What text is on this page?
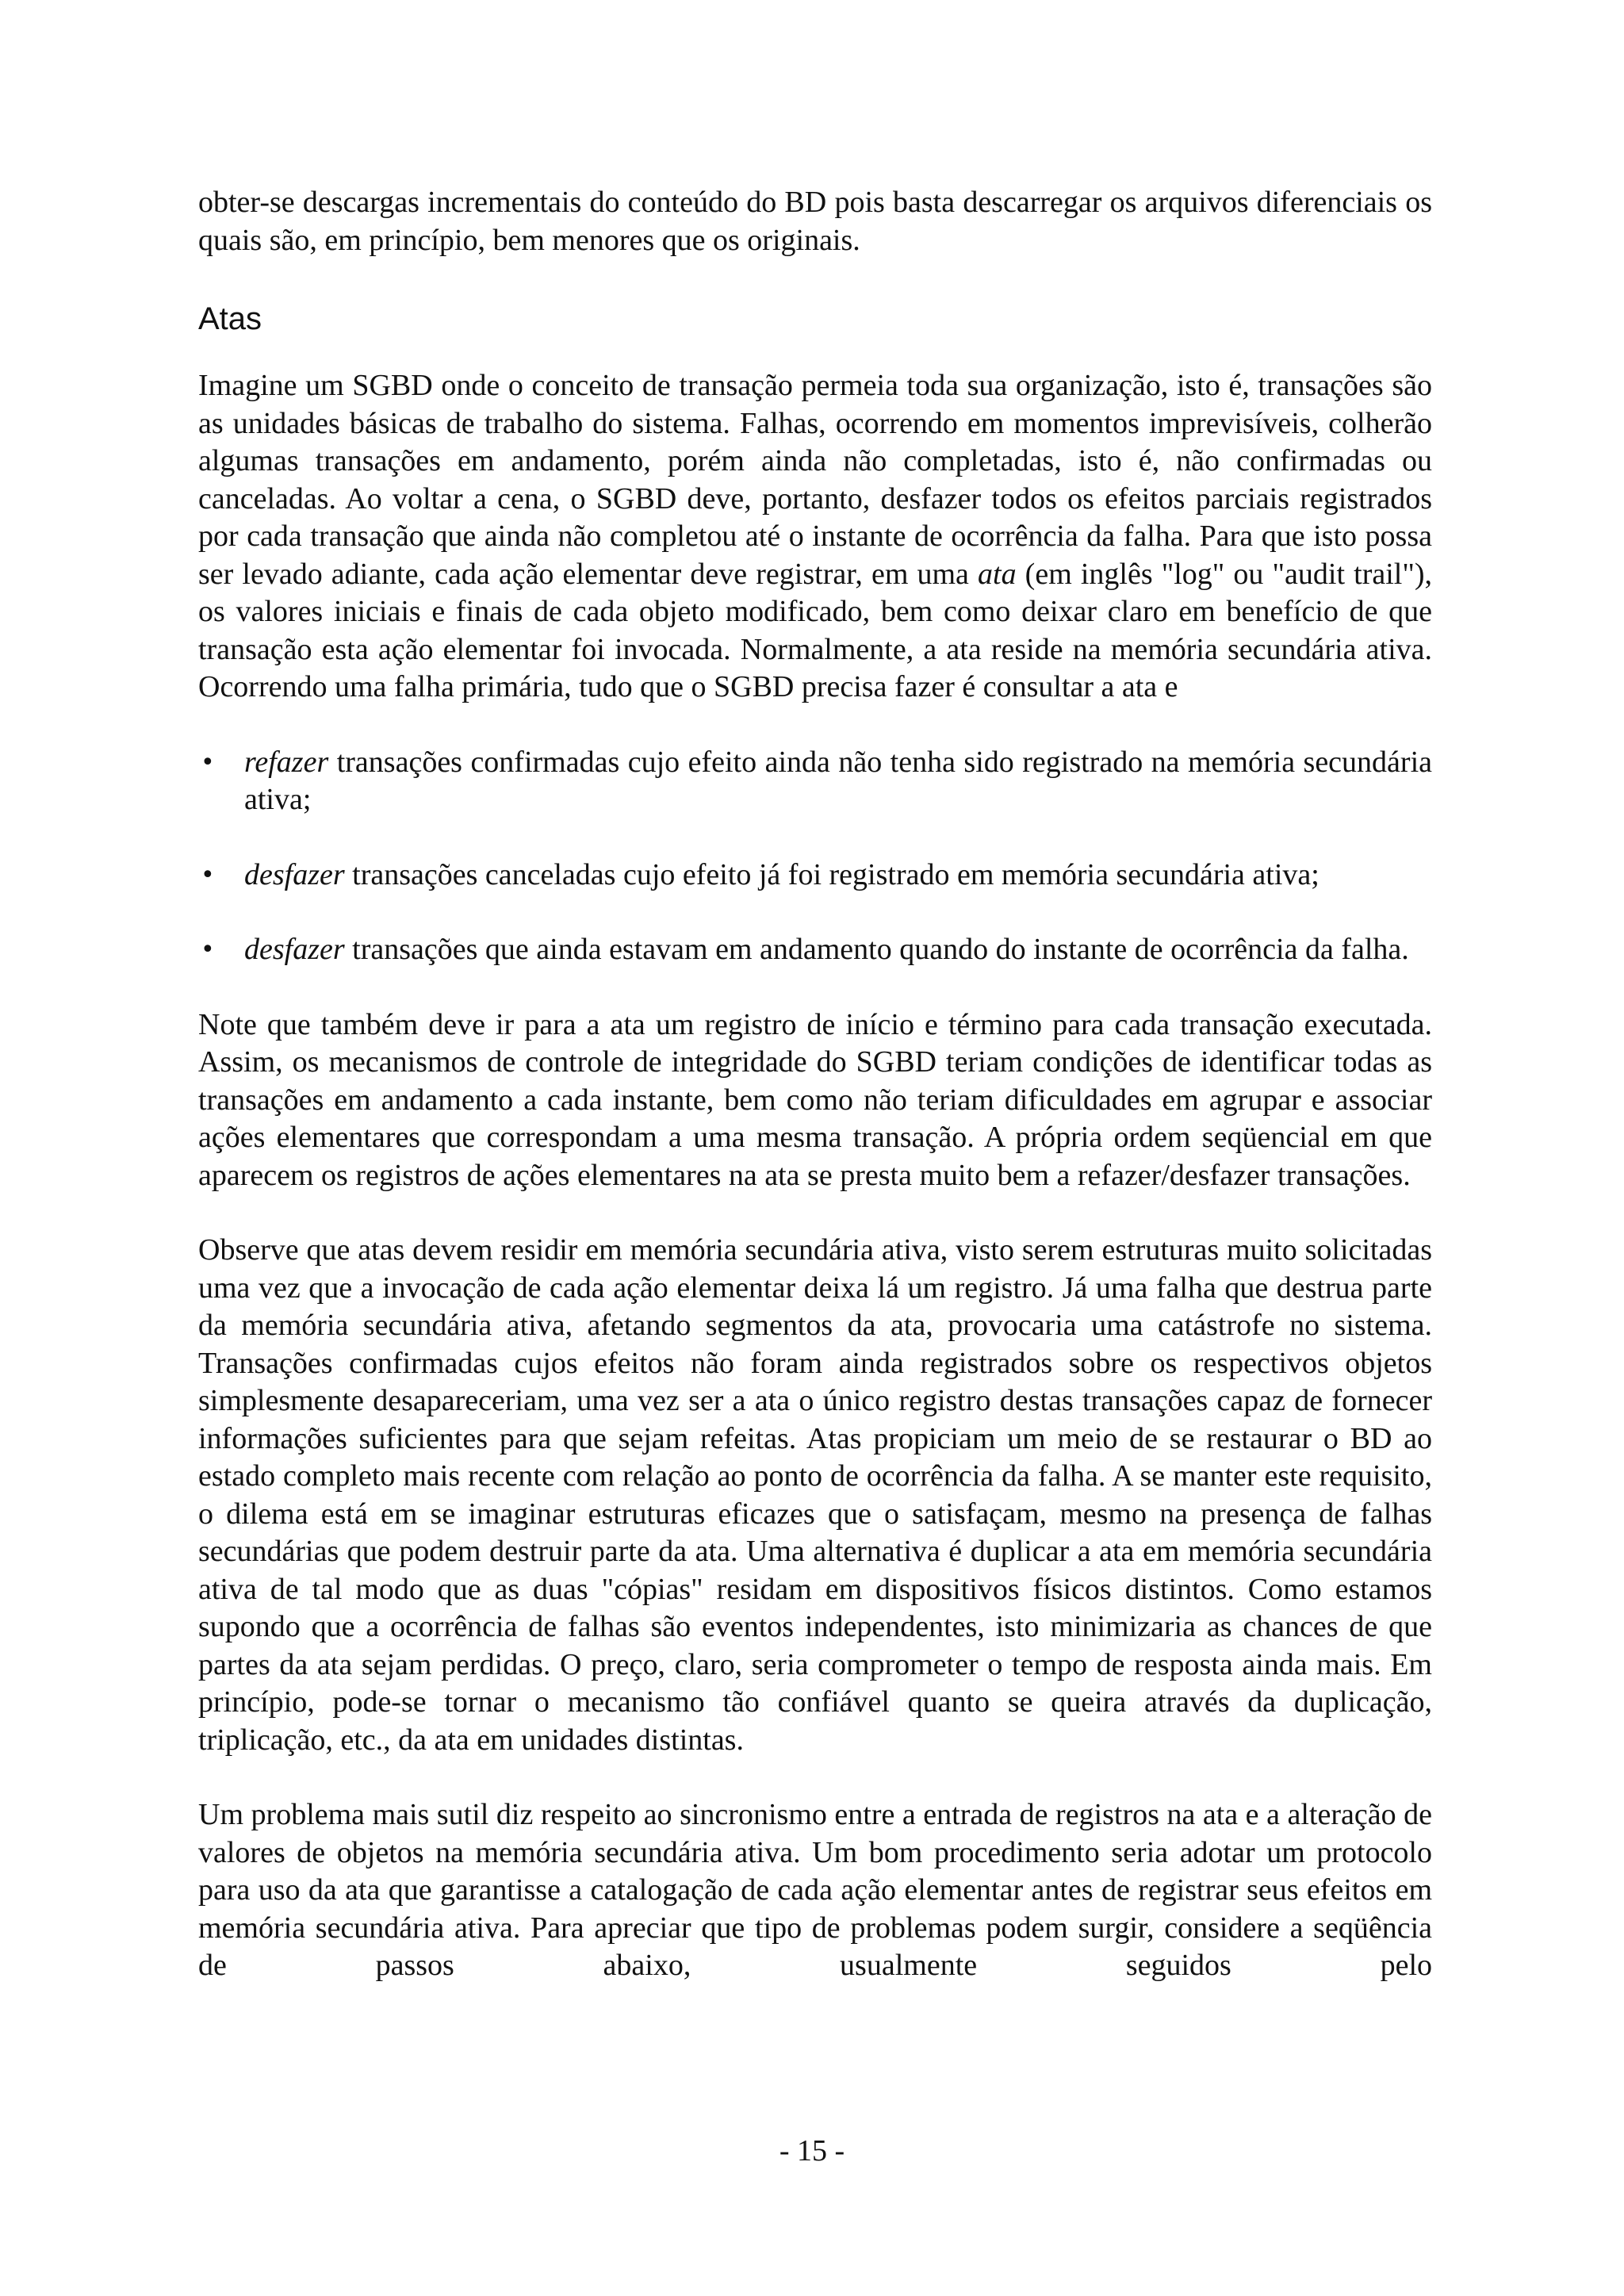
obter-se descargas incrementais do conteúdo do BD pois basta descarregar os arquivos diferenciais os quais são, em princípio, bem menores que os originais.

Atas

Imagine um SGBD onde o conceito de transação permeia toda sua organização, isto é, transações são as unidades básicas de trabalho do sistema. Falhas, ocorrendo em momentos imprevisíveis, colherão algumas transações em andamento, porém ainda não completadas, isto é, não confirmadas ou canceladas. Ao voltar a cena, o SGBD deve, portanto, desfazer todos os efeitos parciais registrados por cada transação que ainda não completou até o instante de ocorrência da falha. Para que isto possa ser levado adiante, cada ação elementar deve registrar, em uma ata (em inglês "log" ou "audit trail"), os valores iniciais e finais de cada objeto modificado, bem como deixar claro em benefício de que transação esta ação elementar foi invocada. Normalmente, a ata reside na memória secundária ativa. Ocorrendo uma falha primária, tudo que o SGBD precisa fazer é consultar a ata e

• refazer transações confirmadas cujo efeito ainda não tenha sido registrado na memória secundária ativa;
• desfazer transações canceladas cujo efeito já foi registrado em memória secundária ativa;
• desfazer transações que ainda estavam em andamento quando do instante de ocorrência da falha.

Note que também deve ir para a ata um registro de início e término para cada transação executada. Assim, os mecanismos de controle de integridade do SGBD teriam condições de identificar todas as transações em andamento a cada instante, bem como não teriam dificuldades em agrupar e associar ações elementares que correspondam a uma mesma transação. A própria ordem seqüencial em que aparecem os registros de ações elementares na ata se presta muito bem a refazer/desfazer transações.

Observe que atas devem residir em memória secundária ativa, visto serem estruturas muito solicitadas uma vez que a invocação de cada ação elementar deixa lá um registro. Já uma falha que destrua parte da memória secundária ativa, afetando segmentos da ata, provocaria uma catástrofe no sistema. Transações confirmadas cujos efeitos não foram ainda registrados sobre os respectivos objetos simplesmente desapareceriam, uma vez ser a ata o único registro destas transações capaz de fornecer informações suficientes para que sejam refeitas. Atas propiciam um meio de se restaurar o BD ao estado completo mais recente com relação ao ponto de ocorrência da falha. A se manter este requisito, o dilema está em se imaginar estruturas eficazes que o satisfaçam, mesmo na presença de falhas secundárias que podem destruir parte da ata. Uma alternativa é duplicar a ata em memória secundária ativa de tal modo que as duas "cópias" residam em dispositivos físicos distintos. Como estamos supondo que a ocorrência de falhas são eventos independentes, isto minimizaria as chances de que partes da ata sejam perdidas. O preço, claro, seria comprometer o tempo de resposta ainda mais. Em princípio, pode-se tornar o mecanismo tão confiável quanto se queira através da duplicação, triplicação, etc., da ata em unidades distintas.

Um problema mais sutil diz respeito ao sincronismo entre a entrada de registros na ata e a alteração de valores de objetos na memória secundária ativa. Um bom procedimento seria adotar um protocolo para uso da ata que garantisse a catalogação de cada ação elementar antes de registrar seus efeitos em memória secundária ativa. Para apreciar que tipo de problemas podem surgir, considere a seqüência de passos abaixo, usualmente seguidos pelo

- 15 -
